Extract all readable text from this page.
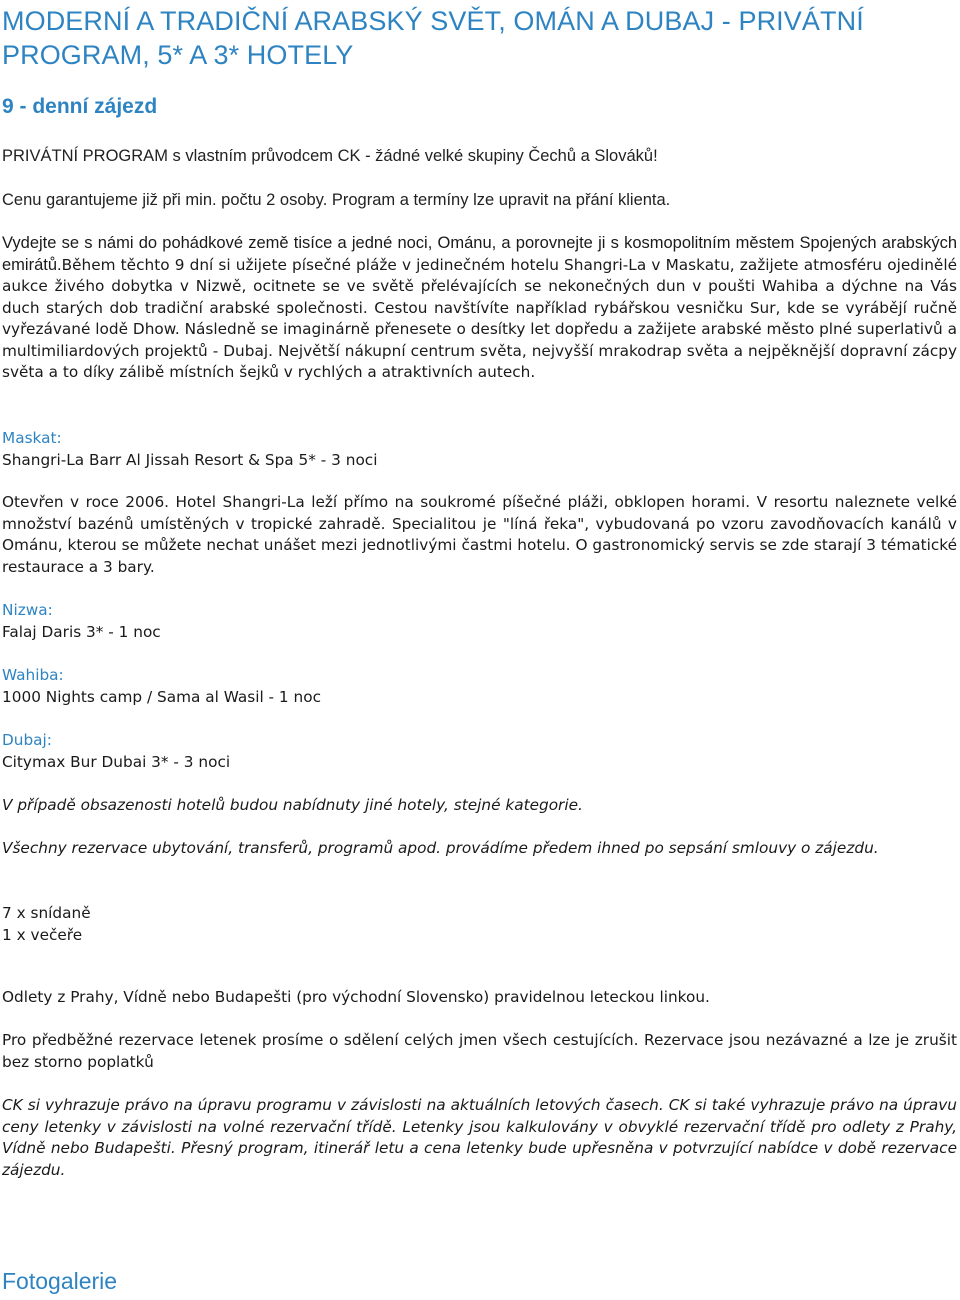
MODERNÍ A TRADIČNÍ ARABSKÝ SVĚT, OMÁN A DUBAJ - PRIVÁTNÍ PROGRAM, 5* A 3* HOTELY
9 - denní zájezd

PRIVÁTNÍ PROGRAM s vlastním průvodcem CK - žádné velké skupiny Čechů a Slováků!

Cenu garantujeme již při min. počtu 2 osoby. Program a termíny lze upravit na přání klienta.

Vydejte se s námi do pohádkové země tisíce a jedné noci, Ománu, a porovnejte ji s kosmopolitním městem Spojených arabských emirátů.Během těchto 9 dní si užijete písečné pláže v jedinečném hotelu Shangri-La v Maskatu, zažijete atmosféru ojedinělé aukce živého dobytka v Nizwě, ocitnete se ve světě přelévajících se nekonečných dun v poušti Wahiba a dýchne na Vás duch starých dob tradiční arabské společnosti. Cestou navštívíte například rybářskou vesničku Sur, kde se vyrábějí ručně vyřezávané lodě Dhow. Následně se imaginárně přenesete o desítky let dopředu a zažijete arabské město plné superlativů a multimiliardových projektů - Dubaj. Největší nákupní centrum světa, nejvyšší mrakodrap světa a nejpěknější dopravní zácpy světa a to díky zálibě místních šejků v rychlých a atraktivních autech.

Maskat:

Shangri-La Barr Al Jissah Resort & Spa 5* - 3 noci

Otevřen v roce 2006. Hotel Shangri-La leží přímo na soukromé píšečné pláži, obklopen horami. V resortu naleznete velké množství bazénů umístěných v tropické zahradě. Specialitou je "líná řeka", vybudovaná po vzoru zavodňovacích kanálů v Ománu, kterou se můžete nechat unášet mezi jednotlivými častmi hotelu. O gastronomický servis se zde starají 3 tématické restaurace a 3 bary.

Nizwa:

Falaj Daris 3* - 1 noc

Wahiba:

1000 Nights camp / Sama al Wasil - 1 noc

Dubaj:

Citymax Bur Dubai 3* - 3 noci

V případě obsazenosti hotelů budou nabídnuty jiné hotely, stejné kategorie.

Všechny rezervace ubytování, transferů, programů apod. provádíme předem ihned po sepsání smlouvy o zájezdu.

7 x snídaně

1 x večeře

Odlety z Prahy, Vídně nebo Budapešti (pro východní Slovensko) pravidelnou leteckou linkou.

Pro předběžné rezervace letenek prosíme o sdělení celých jmen všech cestujících. Rezervace jsou nezávazné a lze je zrušit bez storno poplatků

CK si vyhrazuje právo na úpravu programu v závislosti na aktuálních letových časech. CK si také vyhrazuje právo na úpravu ceny letenky v závislosti na volné rezervační třídě. Letenky jsou kalkulovány v obvyklé rezervační třídě pro odlety z Prahy, Vídně nebo Budapešti. Přesný program, itinerář letu a cena letenky bude upřesněna v potvrzující nabídce v době rezervace zájezdu.

Fotogalerie
